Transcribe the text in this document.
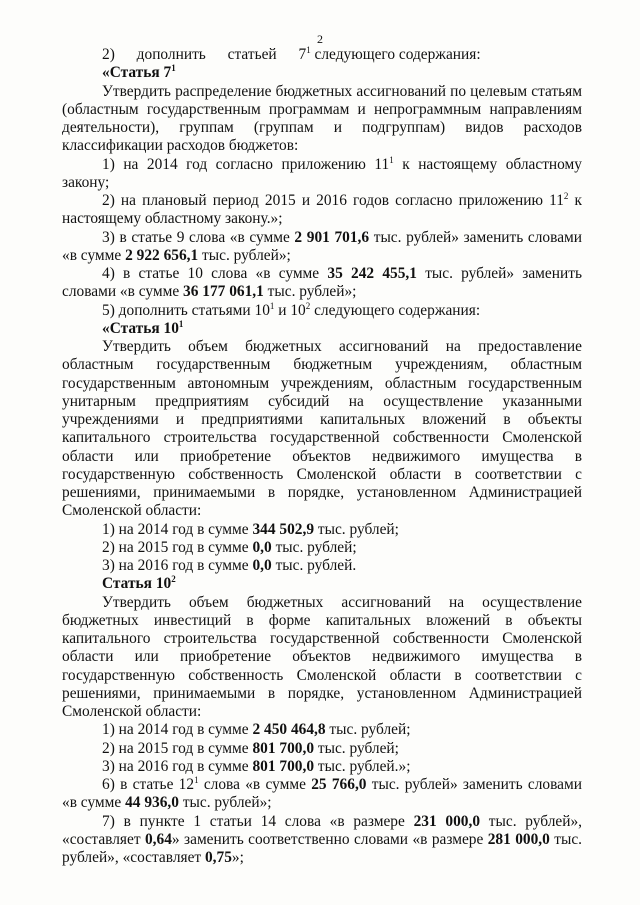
2

2) дополнить статьей $7^1$ следующего содержания:

«Статья $7^1$

Утвердить распределение бюджетных ассигнований по целевым статьям (областным государственным программам и непрограммным направлениям деятельности), группам (группам и подгруппам) видов расходов классификации расходов бюджетов:

1) на 2014 год согласно приложению $11^1$ к настоящему областному закону;

2) на плановый период 2015 и 2016 годов согласно приложению $11^2$ к настоящему областному закону.»;

3) в статье 9 слова «в сумме 2 901 701,6 тыс. рублей» заменить словами «в сумме 2 922 656,1 тыс. рублей»;

4) в статье 10 слова «в сумме 35 242 455,1 тыс. рублей» заменить словами «в сумме 36 177 061,1 тыс. рублей»;

5) дополнить статьями $10^1$ и $10^2$ следующего содержания:

«Статья $10^1$

Утвердить объем бюджетных ассигнований на предоставление областным государственным бюджетным учреждениям, областным государственным автономным учреждениям, областным государственным унитарным предприятиям субсидий на осуществление указанными учреждениями и предприятиями капитальных вложений в объекты капитального строительства государственной собственности Смоленской области или приобретение объектов недвижимого имущества в государственную собственность Смоленской области в соответствии с решениями, принимаемыми в порядке, установленном Администрацией Смоленской области:

1) на 2014 год в сумме 344 502,9 тыс. рублей;

2) на 2015 год в сумме 0,0 тыс. рублей;

3) на 2016 год в сумме 0,0 тыс. рублей.

Статья $10^2$

Утвердить объем бюджетных ассигнований на осуществление бюджетных инвестиций в форме капитальных вложений в объекты капитального строительства государственной собственности Смоленской области или приобретение объектов недвижимого имущества в государственную собственность Смоленской области в соответствии с решениями, принимаемыми в порядке, установленном Администрацией Смоленской области:

1) на 2014 год в сумме 2 450 464,8 тыс. рублей;

2) на 2015 год в сумме 801 700,0 тыс. рублей;

3) на 2016 год в сумме 801 700,0 тыс. рублей.»;

6) в статье $12^1$ слова «в сумме 25 766,0 тыс. рублей» заменить словами «в сумме 44 936,0 тыс. рублей»;

7) в пункте 1 статьи 14 слова «в размере 231 000,0 тыс. рублей», «составляет 0,64» заменить соответственно словами «в размере 281 000,0 тыс. рублей», «составляет 0,75»;
